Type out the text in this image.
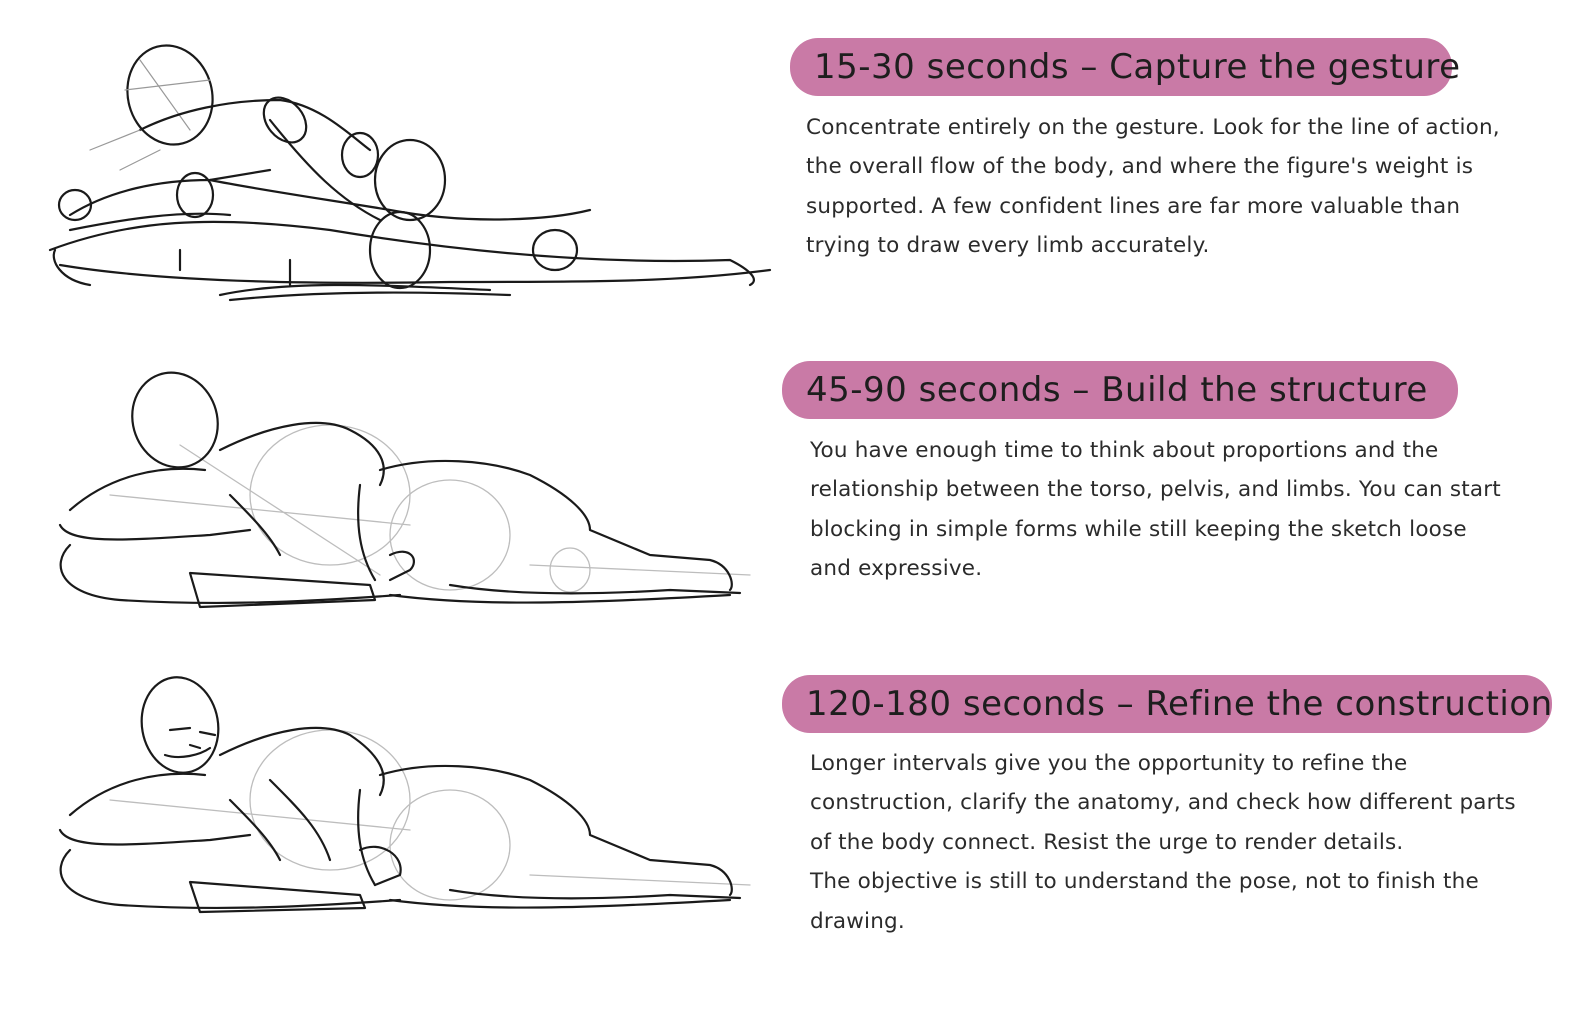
15-30 seconds – Capture the gesture
Concentrate entirely on the gesture. Look for the line of action,
the overall flow of the body, and where the figure's weight is
supported. A few confident lines are far more valuable than
trying to draw every limb accurately.
45-90 seconds – Build the structure
You have enough time to think about proportions and the
relationship between the torso, pelvis, and limbs. You can start
blocking in simple forms while still keeping the sketch loose
and expressive.
120-180 seconds – Refine the construction
Longer intervals give you the opportunity to refine the
construction, clarify the anatomy, and check how different parts
of the body connect. Resist the urge to render details.
The objective is still to understand the pose, not to finish the
drawing.
